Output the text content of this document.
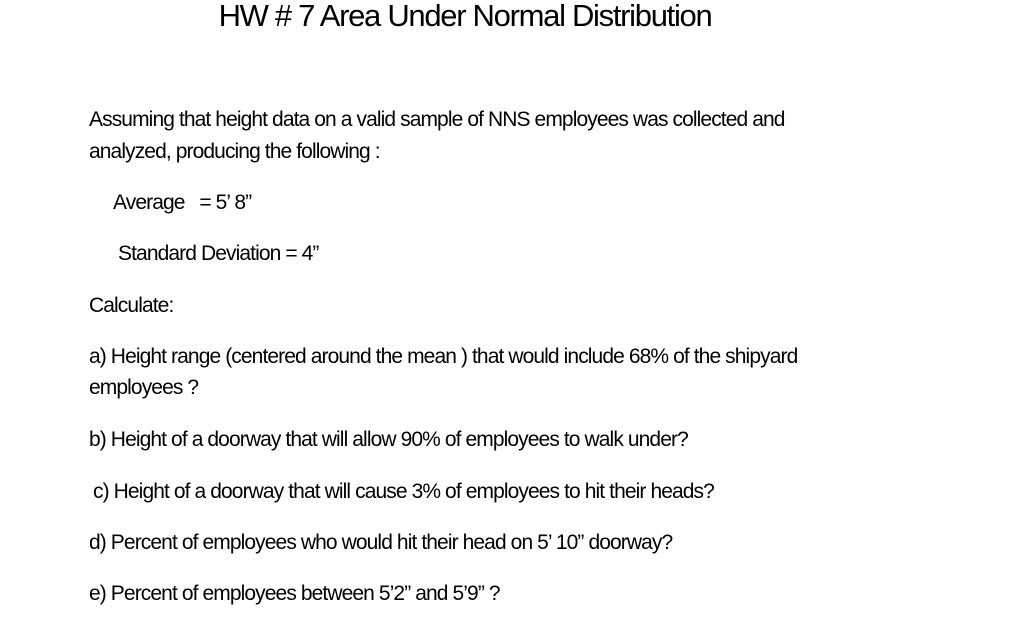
HW # 7 Area Under Normal Distribution
Assuming that height data on a valid sample of NNS employees was collected and
analyzed, producing the following :
Average   = 5’ 8”
Standard Deviation = 4”
Calculate:
a) Height range (centered around the mean ) that would include 68% of the shipyard
employees ?
b) Height of a doorway that will allow 90% of employees to walk under?
c) Height of a doorway that will cause 3% of employees to hit their heads?
d) Percent of employees who would hit their head on 5’ 10” doorway?
e) Percent of employees between 5’2” and 5’9” ?
